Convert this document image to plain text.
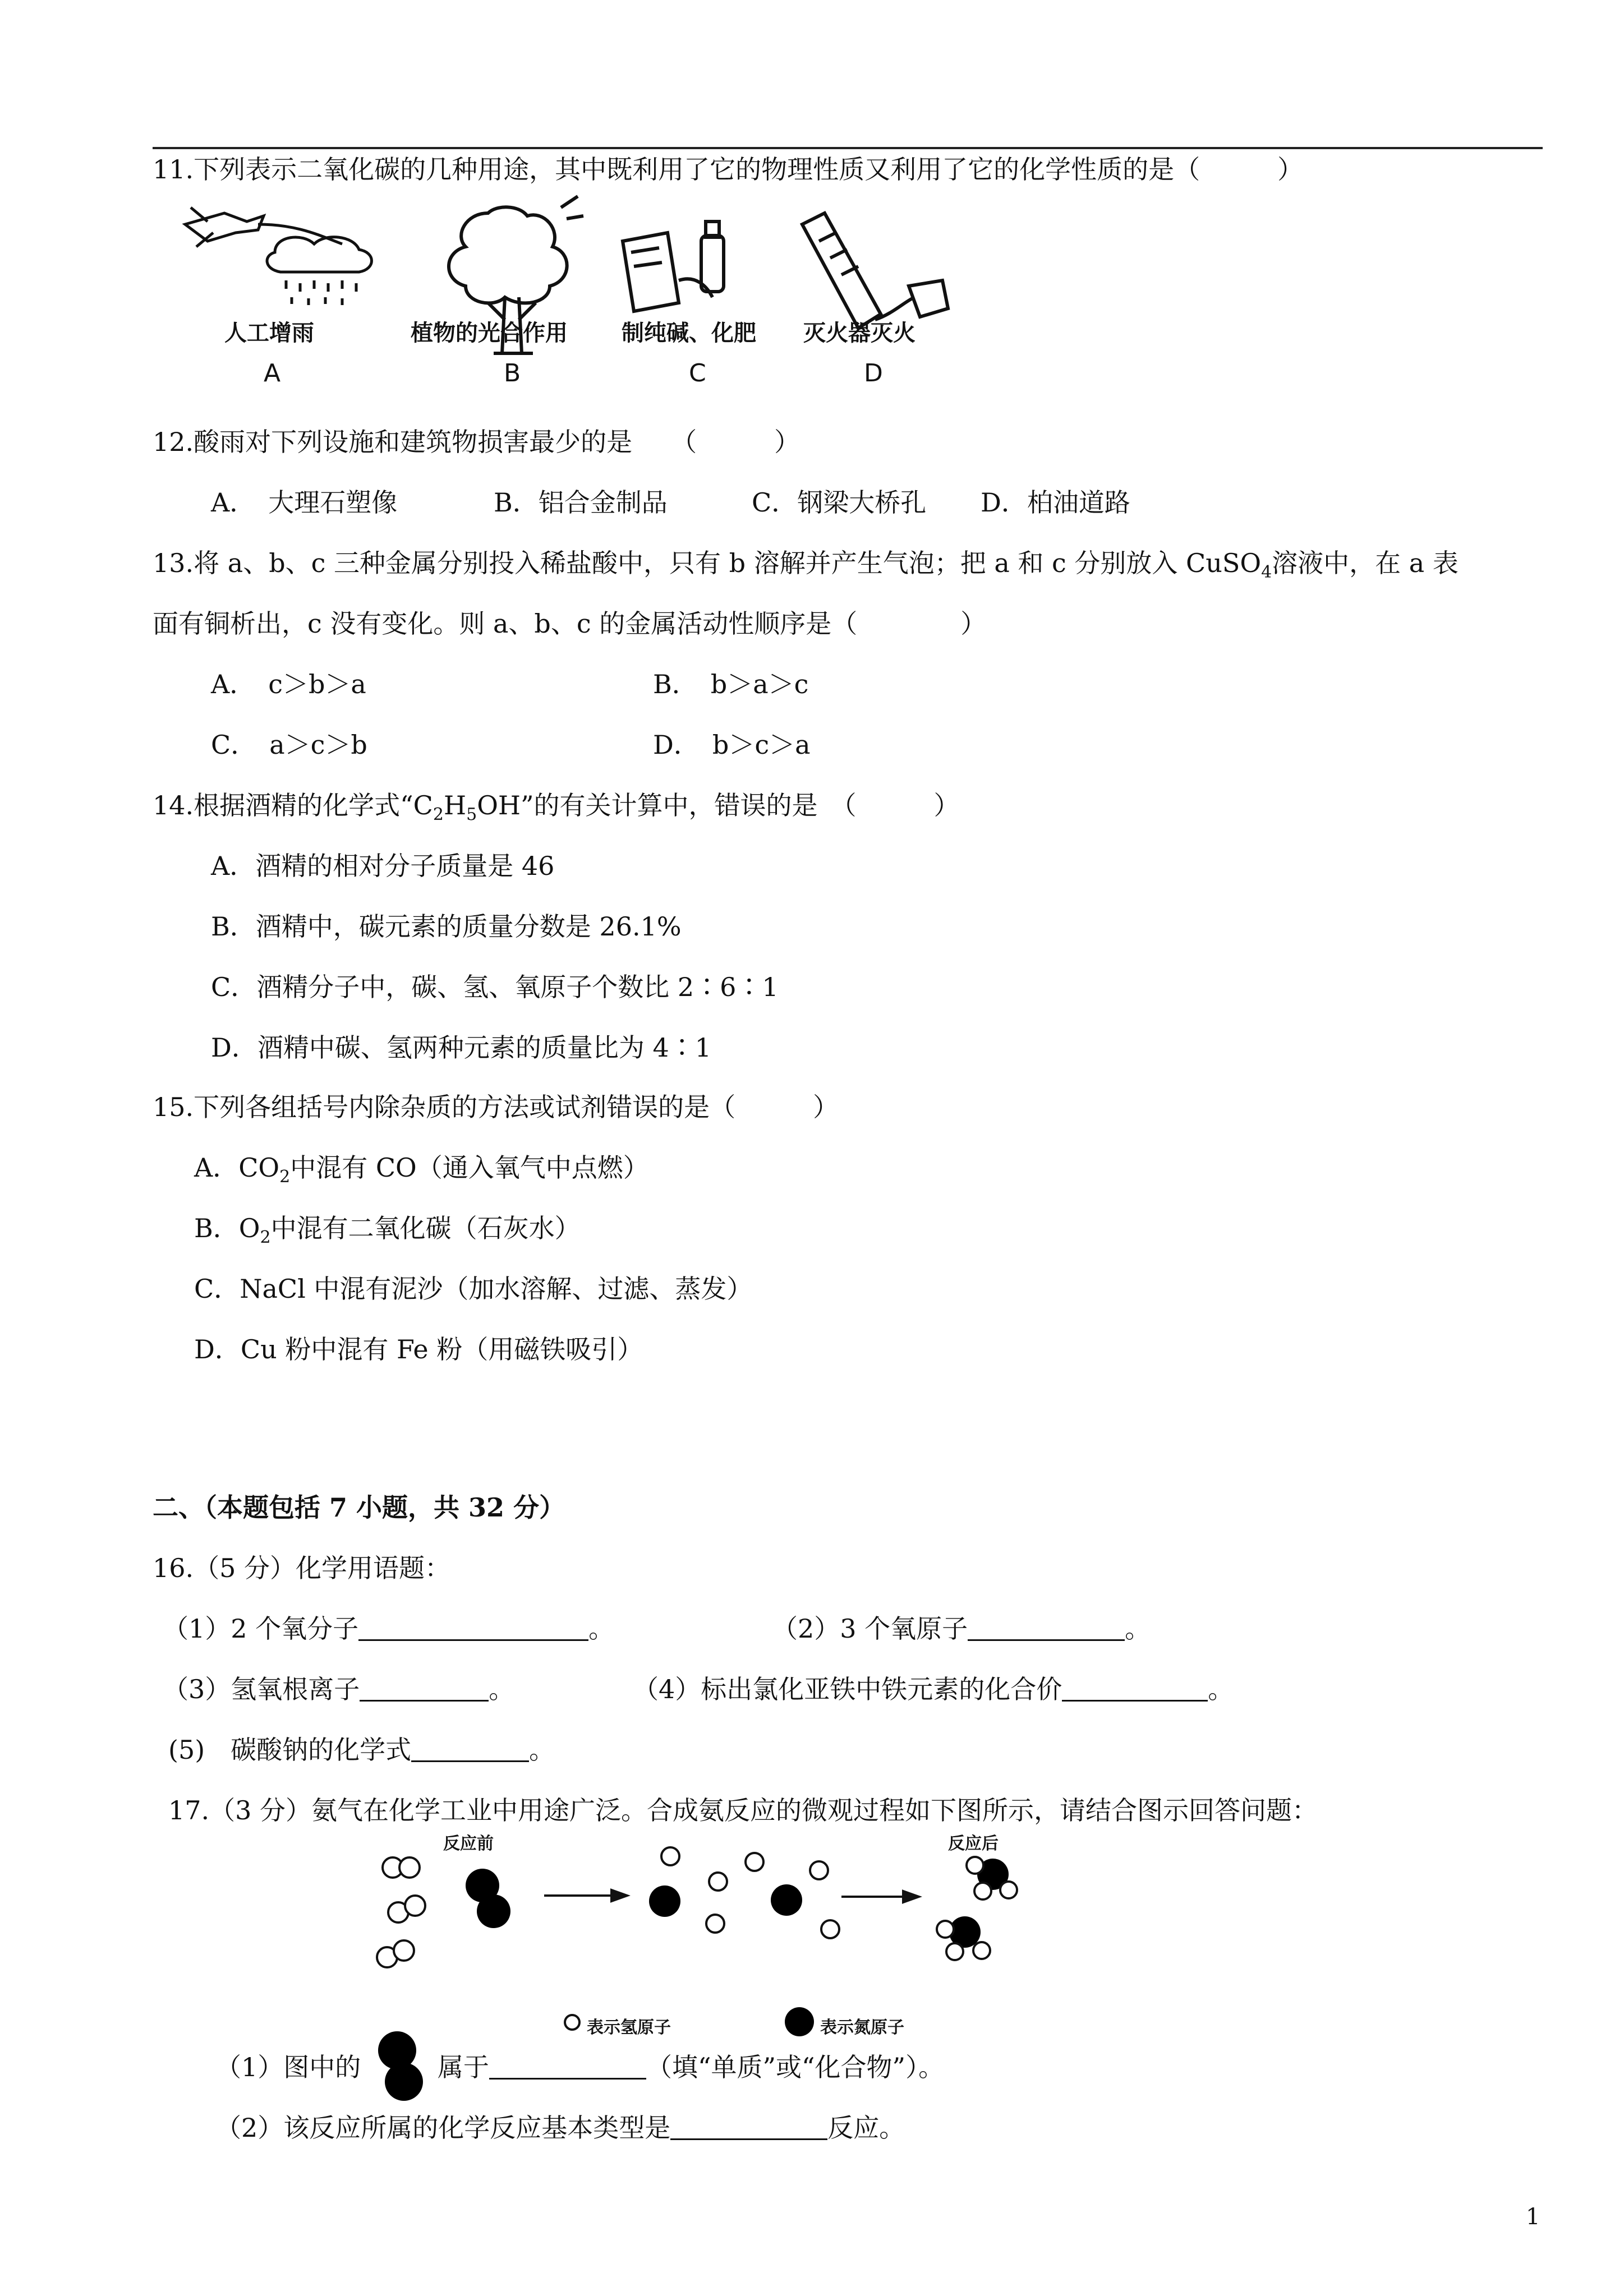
11.下列表示二氧化碳的几种用途，其中既利用了它的物理性质又利用了它的化学性质的是（　　　）
人工增雨	植物的光合作用 制纯碱、化肥 灭火器灭火
A	B	C	D
12.酸雨对下列设施和建筑物损害最少的是　　（　　　）
A．　大理石塑像	B．铝合金制品	C．钢梁大桥孔 D．柏油道路
13.将 a、b、c 三种金属分别投入稀盐酸中，只有 b 溶解并产生气泡；把 a 和 c 分别放入 CuSO$_4$溶液中，在 a 表
面有铜析出，c 没有变化。则 a、b、c 的金属活动性顺序是（　　　　）
A．　c＞b＞a	B．　b＞a＞c
C．　a＞c＞b	D．　b＞c＞a
14.根据酒精的化学式“$C_2H_5OH$”的有关计算中，错误的是　（　　　）
A．酒精的相对分子质量是 46
B．酒精中，碳元素的质量分数是 26.1%
C．酒精分子中，碳、氢、氧原子个数比 2∶6∶1
D．酒精中碳、氢两种元素的质量比为 4∶1
15.下列各组括号内除杂质的方法或试剂错误的是（　　　）
A．$CO_2$中混有 CO（通入氧气中点燃）
B．$O_2$中混有二氧化碳（石灰水）
C．NaCl 中混有泥沙（加水溶解、过滤、蒸发）
D．Cu 粉中混有 Fe 粉（用磁铁吸引）
二、（本题包括 7 小题，共 32 分）
16.（5 分）化学用语题：
（1）2 个氧分子	。	（2）3 个氧原子	。
（3）氢氧根离子	。	（4）标出氯化亚铁中铁元素的化合价	。
(5)　碳酸钠的化学式	。
17.（3 分）氨气在化学工业中用途广泛。合成氨反应的微观过程如下图所示，请结合图示回答问题：
反应前	反应后
表示氢原子	表示氮原子
（1）图中的	属于	（填“单质”或“化合物”）。
（2）该反应所属的化学反应基本类型是	反应。
1
